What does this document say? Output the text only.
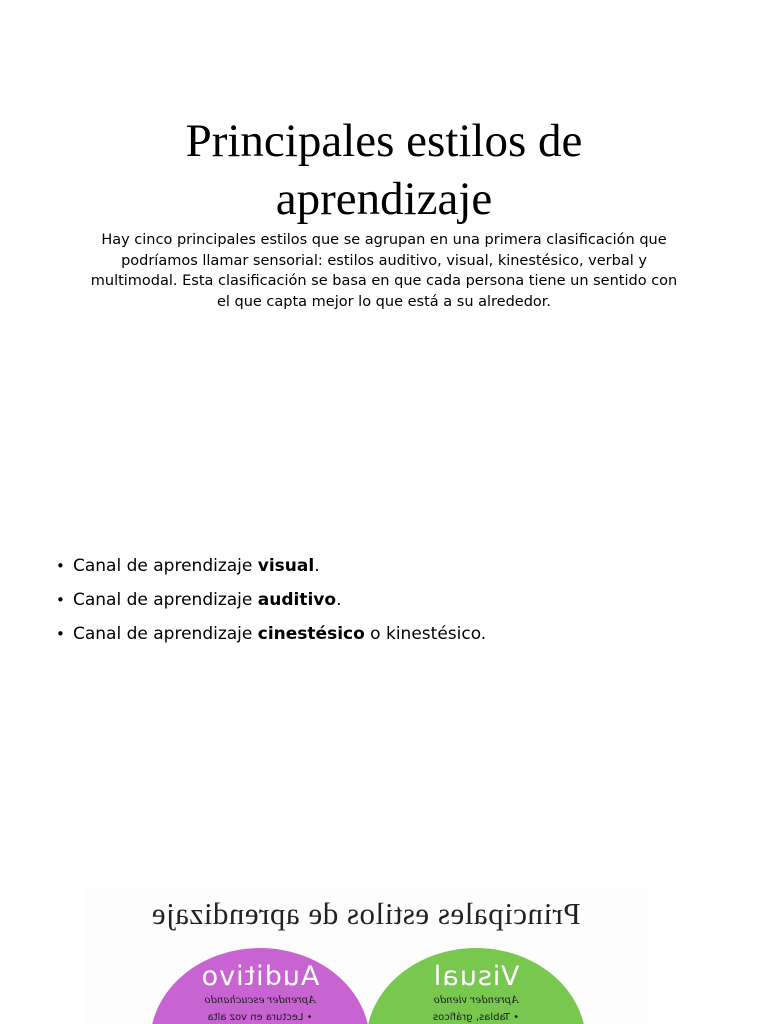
Principales estilos de aprendizaje

Hay cinco principales estilos que se agrupan en una primera clasificación que podríamos llamar sensorial: estilos auditivo, visual, kinestésico, verbal y multimodal. Esta clasificación se basa en que cada persona tiene un sentido con el que capta mejor lo que está a su alrededor.

• Canal de aprendizaje visual.
• Canal de aprendizaje auditivo.
• Canal de aprendizaje cinestésico o kinestésico.
Principales estilos de aprendizaje
Auditivo
Aprender escuchando
• Lectura en voz alta
Visual
Aprender viendo
• Tablas, gráficos
